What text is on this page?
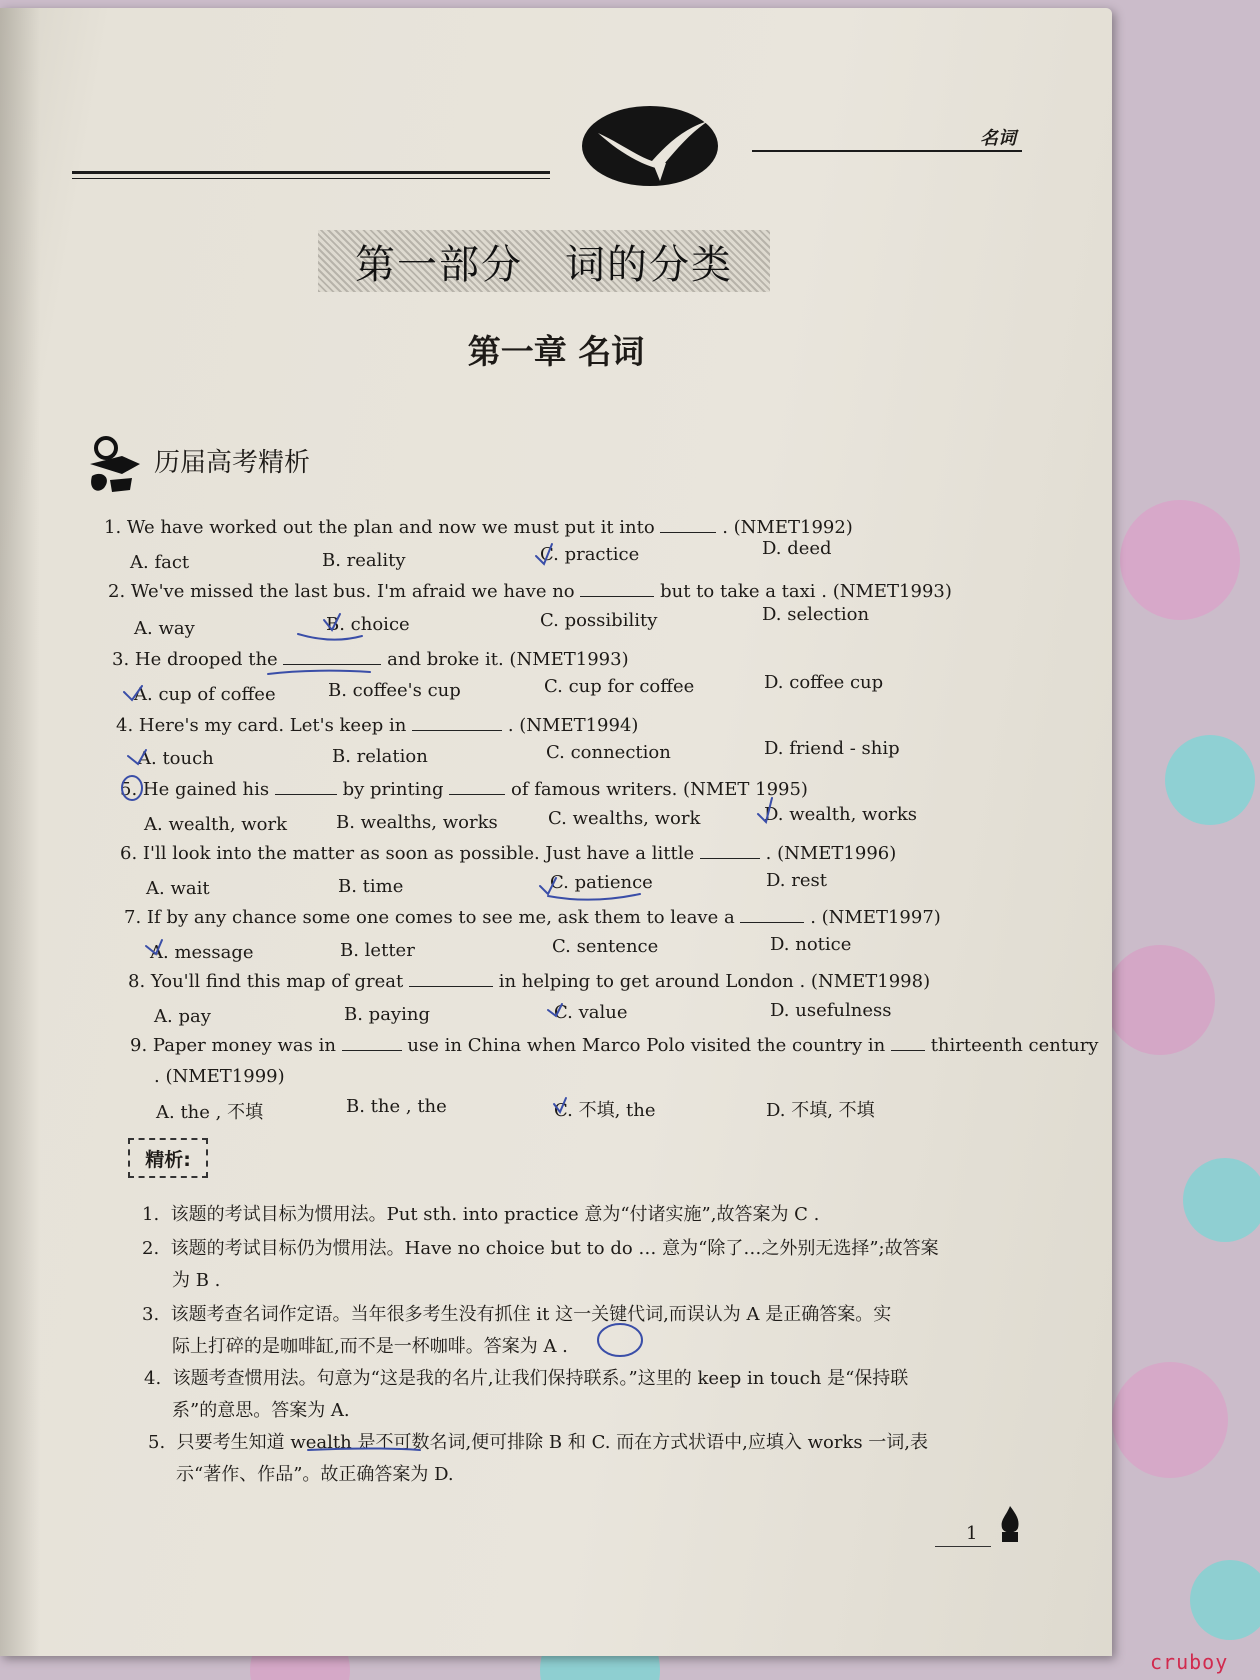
名词
第一部分　词的分类
第一章 名词
历届高考精析
1. We have worked out the plan and now we must put it into	. (NMET1992)
A. fact	B. reality	C. practice	D. deed
2. We've missed the last bus. I'm afraid we have no	but to take a taxi . (NMET1993)
A. way	B. choice	C. possibility	D. selection
3. He drooped the	and broke it. (NMET1993)
A. cup of coffee	B. coffee's cup	C. cup for coffee	D. coffee cup
4. Here's my card. Let's keep in	. (NMET1994)
A. touch	B. relation	C. connection	D. friend - ship
5. He gained his	by printing	of famous writers. (NMET 1995)
A. wealth, work	B. wealths, works	C. wealths, work	D. wealth, works
6. I'll look into the matter as soon as possible. Just have a little	. (NMET1996)
A. wait	B. time	C. patience	D. rest
7. If by any chance some one comes to see me, ask them to leave a	. (NMET1997)
A. message	B. letter	C. sentence	D. notice
8. You'll find this map of great	in helping to get around London . (NMET1998)
A. pay	B. paying	C. value	D. usefulness
9. Paper money was in	use in China when Marco Polo visited the country in	thirteenth century
. (NMET1999)
A. the , 不填	B. the , the	C. 不填, the	D. 不填, 不填
精析:
1. 该题的考试目标为惯用法。Put sth. into practice 意为“付诸实施”,故答案为 C .
2. 该题的考试目标仍为惯用法。Have no choice but to do … 意为“除了…之外别无选择”;故答案
为 B .
3. 该题考查名词作定语。当年很多考生没有抓住 it 这一关键代词,而误认为 A 是正确答案。实
际上打碎的是咖啡缸,而不是一杯咖啡。答案为 A .
4. 该题考查惯用法。句意为“这是我的名片,让我们保持联系。”这里的 keep in touch 是“保持联
系”的意思。答案为 A.
5. 只要考生知道 wealth 是不可数名词,便可排除 B 和 C. 而在方式状语中,应填入 works 一词,表
示“著作、作品”。故正确答案为 D.
1
cruboy
